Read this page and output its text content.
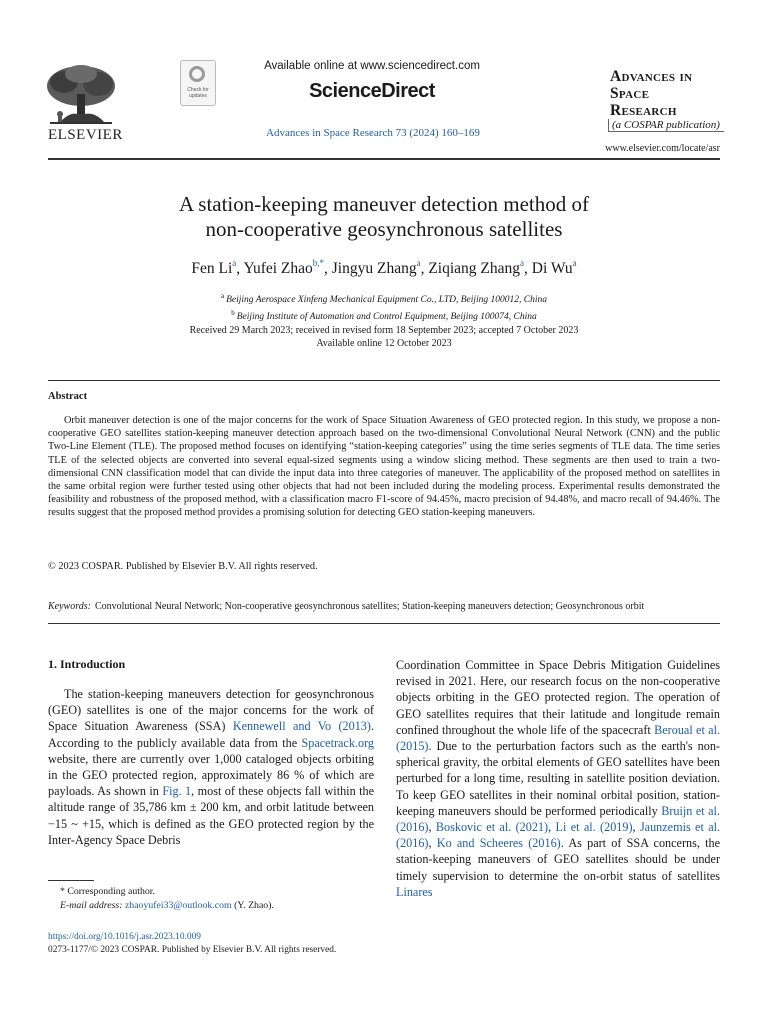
ELSEVIER
Check for updates
Available online at www.sciencedirect.com
ScienceDirect
Advances in Space Research 73 (2024) 160–169
Advances in
Space
Research
(a COSPAR publication)
www.elsevier.com/locate/asr
A station-keeping maneuver detection method of
non-cooperative geosynchronous satellites
Fen Li$^a$, Yufei Zhao$^{b,*}$, Jingyu Zhang$^a$, Ziqiang Zhang$^a$, Di Wu$^a$
$^a$ Beijing Aerospace Xinfeng Mechanical Equipment Co., LTD, Beijing 100012, China
$^b$ Beijing Institute of Automation and Control Equipment, Beijing 100074, China
Received 29 March 2023; received in revised form 18 September 2023; accepted 7 October 2023
Available online 12 October 2023
Abstract
Orbit maneuver detection is one of the major concerns for the work of Space Situation Awareness of GEO protected region. In this study, we propose a non-cooperative GEO satellites station-keeping maneuver detection approach based on the two-dimensional Convolutional Neural Network (CNN) and the public Two-Line Element (TLE). The proposed method focuses on identifying “station-keeping categories” using the time series segments of TLE data. The time series TLE of the selected objects are converted into several equal-sized segments using a window slicing method. These segments are then used to train a two-dimensional CNN classification model that can divide the input data into three categories of maneuver. The applicability of the proposed method on satellites in the same orbital region were further tested using other objects that had not been included during the modeling process. Experimental results demonstrated the feasibility and robustness of the proposed method, with a classification macro F1-score of 94.45%, macro precision of 94.48%, and macro recall of 94.46%. The results suggest that the proposed method provides a promising solution for detecting GEO station-keeping maneuvers.
© 2023 COSPAR. Published by Elsevier B.V. All rights reserved.
Keywords: Convolutional Neural Network; Non-cooperative geosynchronous satellites; Station-keeping maneuvers detection; Geosynchronous orbit
1. Introduction
The station-keeping maneuvers detection for geosynchronous (GEO) satellites is one of the major concerns for the work of Space Situation Awareness (SSA) Kennewell and Vo (2013). According to the publicly available data from the Spacetrack.org website, there are currently over 1,000 cataloged objects orbiting in the GEO protected region, approximately 86 % of which are payloads. As shown in Fig. 1, most of these objects fall within the altitude range of 35,786 km ± 200 km, and orbit latitude between −15 ~ +15, which is defined as the GEO protected region by the Inter-Agency Space Debris
Coordination Committee in Space Debris Mitigation Guidelines revised in 2021. Here, our research focus on the non-cooperative objects orbiting in the GEO protected region. The operation of GEO satellites requires that their latitude and longitude remain confined throughout the whole life of the spacecraft Beroual et al. (2015). Due to the perturbation factors such as the earth's non-spherical gravity, the orbital elements of GEO satellites have been perturbed for a long time, resulting in satellite position deviation. To keep GEO satellites in their nominal orbital position, station-keeping maneuvers should be performed periodically Bruijn et al. (2016), Boskovic et al. (2021), Li et al. (2019), Jaunzemis et al. (2016), Ko and Scheeres (2016). As part of SSA concerns, the station-keeping maneuvers of GEO satellites should be under timely supervision to determine the on-orbit status of satellites Linares
* Corresponding author.
E-mail address: zhaoyufei33@outlook.com (Y. Zhao).
https://doi.org/10.1016/j.asr.2023.10.009
0273-1177/© 2023 COSPAR. Published by Elsevier B.V. All rights reserved.
